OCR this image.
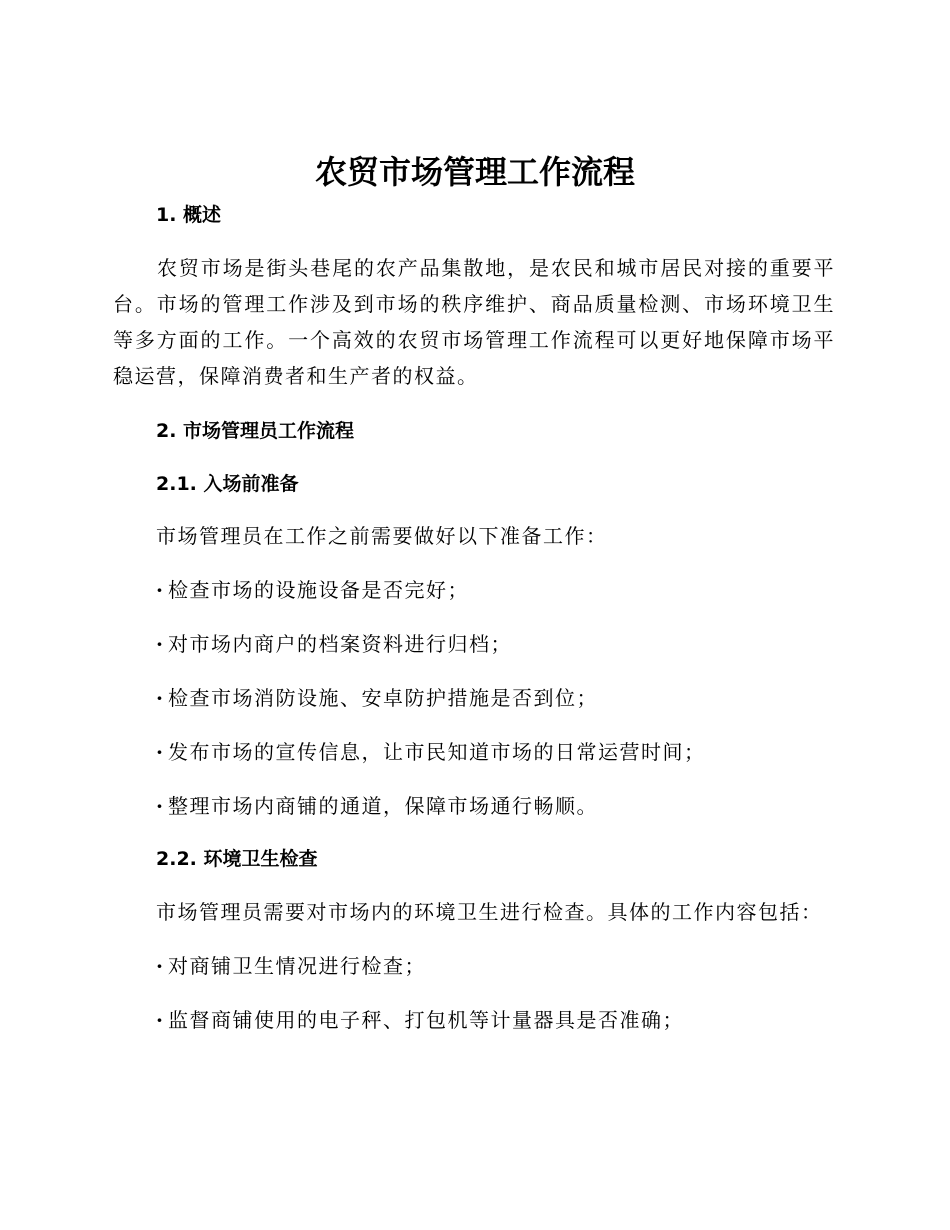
农贸市场管理工作流程
1. 概述
农贸市场是街头巷尾的农产品集散地，是农民和城市居民对接的重要平台。市场的管理工作涉及到市场的秩序维护、商品质量检测、市场环境卫生等多方面的工作。一个高效的农贸市场管理工作流程可以更好地保障市场平稳运营，保障消费者和生产者的权益。
2. 市场管理员工作流程
2.1. 入场前准备
市场管理员在工作之前需要做好以下准备工作：
· 检查市场的设施设备是否完好；
· 对市场内商户的档案资料进行归档；
· 检查市场消防设施、安卓防护措施是否到位；
· 发布市场的宣传信息，让市民知道市场的日常运营时间；
· 整理市场内商铺的通道，保障市场通行畅顺。
2.2. 环境卫生检查
市场管理员需要对市场内的环境卫生进行检查。具体的工作内容包括：
· 对商铺卫生情况进行检查；
· 监督商铺使用的电子秤、打包机等计量器具是否准确；
